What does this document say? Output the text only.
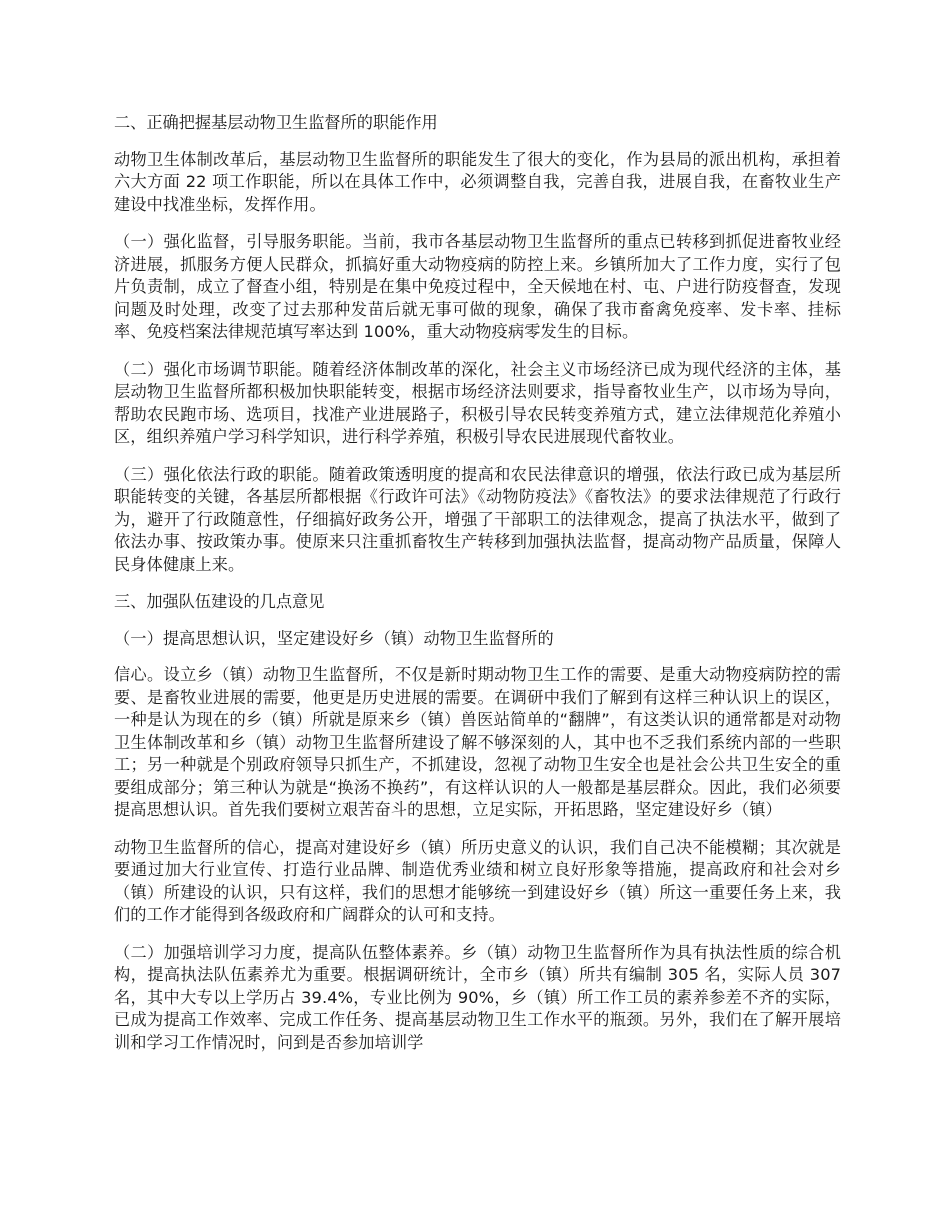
二、正确把握基层动物卫生监督所的职能作用

动物卫生体制改革后，基层动物卫生监督所的职能发生了很大的变化，作为县局的派出机构，承担着六大方面 22 项工作职能，所以在具体工作中，必须调整自我，完善自我，进展自我，在畜牧业生产建设中找准坐标，发挥作用。

（一）强化监督，引导服务职能。当前，我市各基层动物卫生监督所的重点已转移到抓促进畜牧业经济进展，抓服务方便人民群众，抓搞好重大动物疫病的防控上来。乡镇所加大了工作力度，实行了包片负责制，成立了督查小组，特别是在集中免疫过程中，全天候地在村、屯、户进行防疫督查，发现问题及时处理，改变了过去那种发苗后就无事可做的现象，确保了我市畜禽免疫率、发卡率、挂标率、免疫档案法律规范填写率达到 100%，重大动物疫病零发生的目标。

（二）强化市场调节职能。随着经济体制改革的深化，社会主义市场经济已成为现代经济的主体，基层动物卫生监督所都积极加快职能转变，根据市场经济法则要求，指导畜牧业生产，以市场为导向，帮助农民跑市场、选项目，找准产业进展路子，积极引导农民转变养殖方式，建立法律规范化养殖小区，组织养殖户学习科学知识，进行科学养殖，积极引导农民进展现代畜牧业。

（三）强化依法行政的职能。随着政策透明度的提高和农民法律意识的增强，依法行政已成为基层所职能转变的关键，各基层所都根据《行政许可法》《动物防疫法》《畜牧法》的要求法律规范了行政行为，避开了行政随意性，仔细搞好政务公开，增强了干部职工的法律观念，提高了执法水平，做到了依法办事、按政策办事。使原来只注重抓畜牧生产转移到加强执法监督，提高动物产品质量，保障人民身体健康上来。

三、加强队伍建设的几点意见

（一）提高思想认识，坚定建设好乡（镇）动物卫生监督所的

信心。设立乡（镇）动物卫生监督所，不仅是新时期动物卫生工作的需要、是重大动物疫病防控的需要、是畜牧业进展的需要，他更是历史进展的需要。在调研中我们了解到有这样三种认识上的误区，一种是认为现在的乡（镇）所就是原来乡（镇）兽医站简单的“翻牌”，有这类认识的通常都是对动物卫生体制改革和乡（镇）动物卫生监督所建设了解不够深刻的人，其中也不乏我们系统内部的一些职工；另一种就是个别政府领导只抓生产，不抓建设，忽视了动物卫生安全也是社会公共卫生安全的重要组成部分；第三种认为就是“换汤不换药”，有这样认识的人一般都是基层群众。因此，我们必须要提高思想认识。首先我们要树立艰苦奋斗的思想，立足实际，开拓思路，坚定建设好乡（镇）

动物卫生监督所的信心，提高对建设好乡（镇）所历史意义的认识，我们自己决不能模糊；其次就是要通过加大行业宣传、打造行业品牌、制造优秀业绩和树立良好形象等措施，提高政府和社会对乡（镇）所建设的认识，只有这样，我们的思想才能够统一到建设好乡（镇）所这一重要任务上来，我们的工作才能得到各级政府和广阔群众的认可和支持。

（二）加强培训学习力度，提高队伍整体素养。乡（镇）动物卫生监督所作为具有执法性质的综合机构，提高执法队伍素养尤为重要。根据调研统计，全市乡（镇）所共有编制 305 名，实际人员 307 名，其中大专以上学历占 39.4%，专业比例为 90%，乡（镇）所工作工员的素养参差不齐的实际，已成为提高工作效率、完成工作任务、提高基层动物卫生工作水平的瓶颈。另外，我们在了解开展培训和学习工作情况时，问到是否参加培训学
